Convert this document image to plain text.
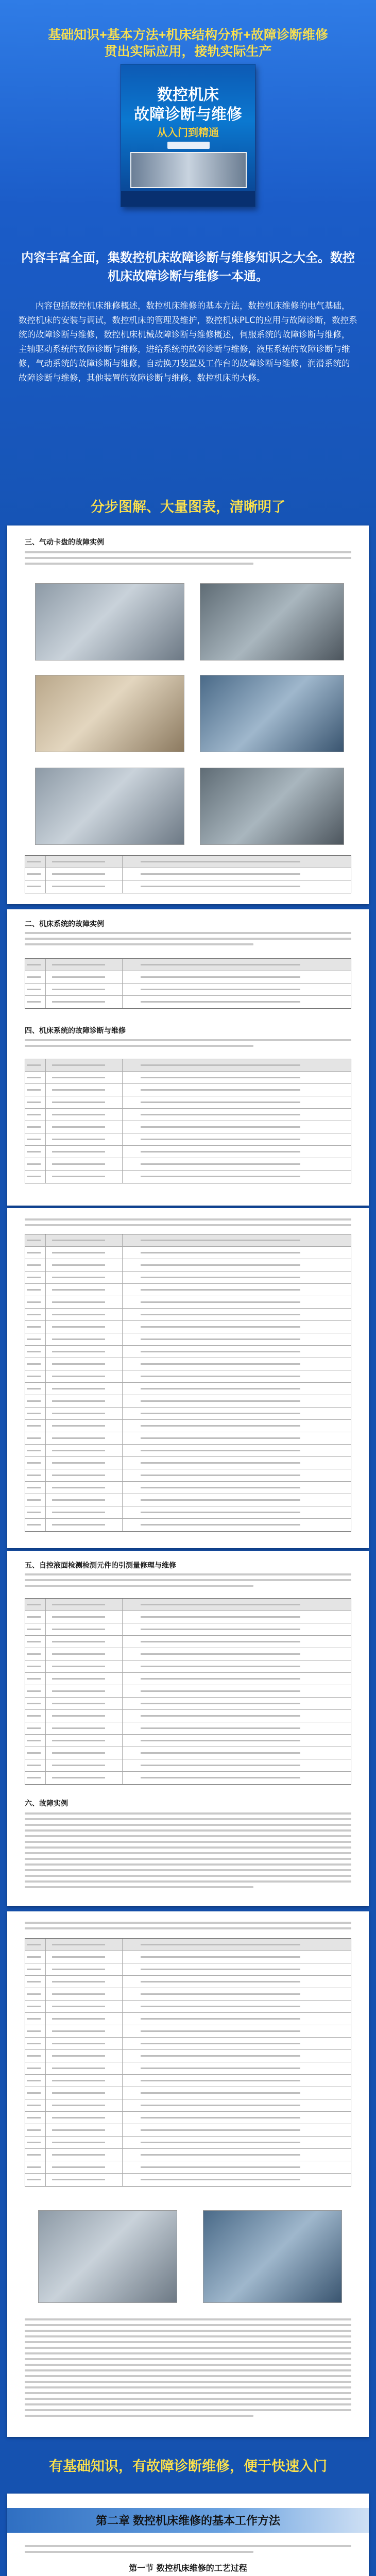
基础知识+基本方法+机床结构分析+故障诊断维修
贯出实际应用，接轨实际生产
数控机床
故障诊断与维修
从入门到精通
内容丰富全面，集数控机床故障诊断与维修知识之大全。数控机床故障诊断与维修一本通。
内容包括数控机床维修概述，数控机床维修的基本方法，数控机床维修的电气基础，数控机床的安装与调试，数控机床的管理及维护，数控机床PLC的应用与故障诊断，数控系统的故障诊断与维修，数控机床机械故障诊断与维修概述，伺服系统的故障诊断与维修，主轴驱动系统的故障诊断与维修，进给系统的故障诊断与维修，液压系统的故障诊断与维修，气动系统的故障诊断与维修，自动换刀装置及工作台的故障诊断与维修，润滑系统的故障诊断与维修，其他装置的故障诊断与维修，数控机床的大修。
分步图解、大量图表，清晰明了
三、气动卡盘的故障实例
二、机床系统的故障实例
四、机床系统的故障诊断与维修
五、自控液面检测检测元件的引测量修理与维修
六、故障实例
有基础知识，有故障诊断维修，便于快速入门
第二章 数控机床维修的基本工作方法
第一节 数控机床维修的工艺过程
